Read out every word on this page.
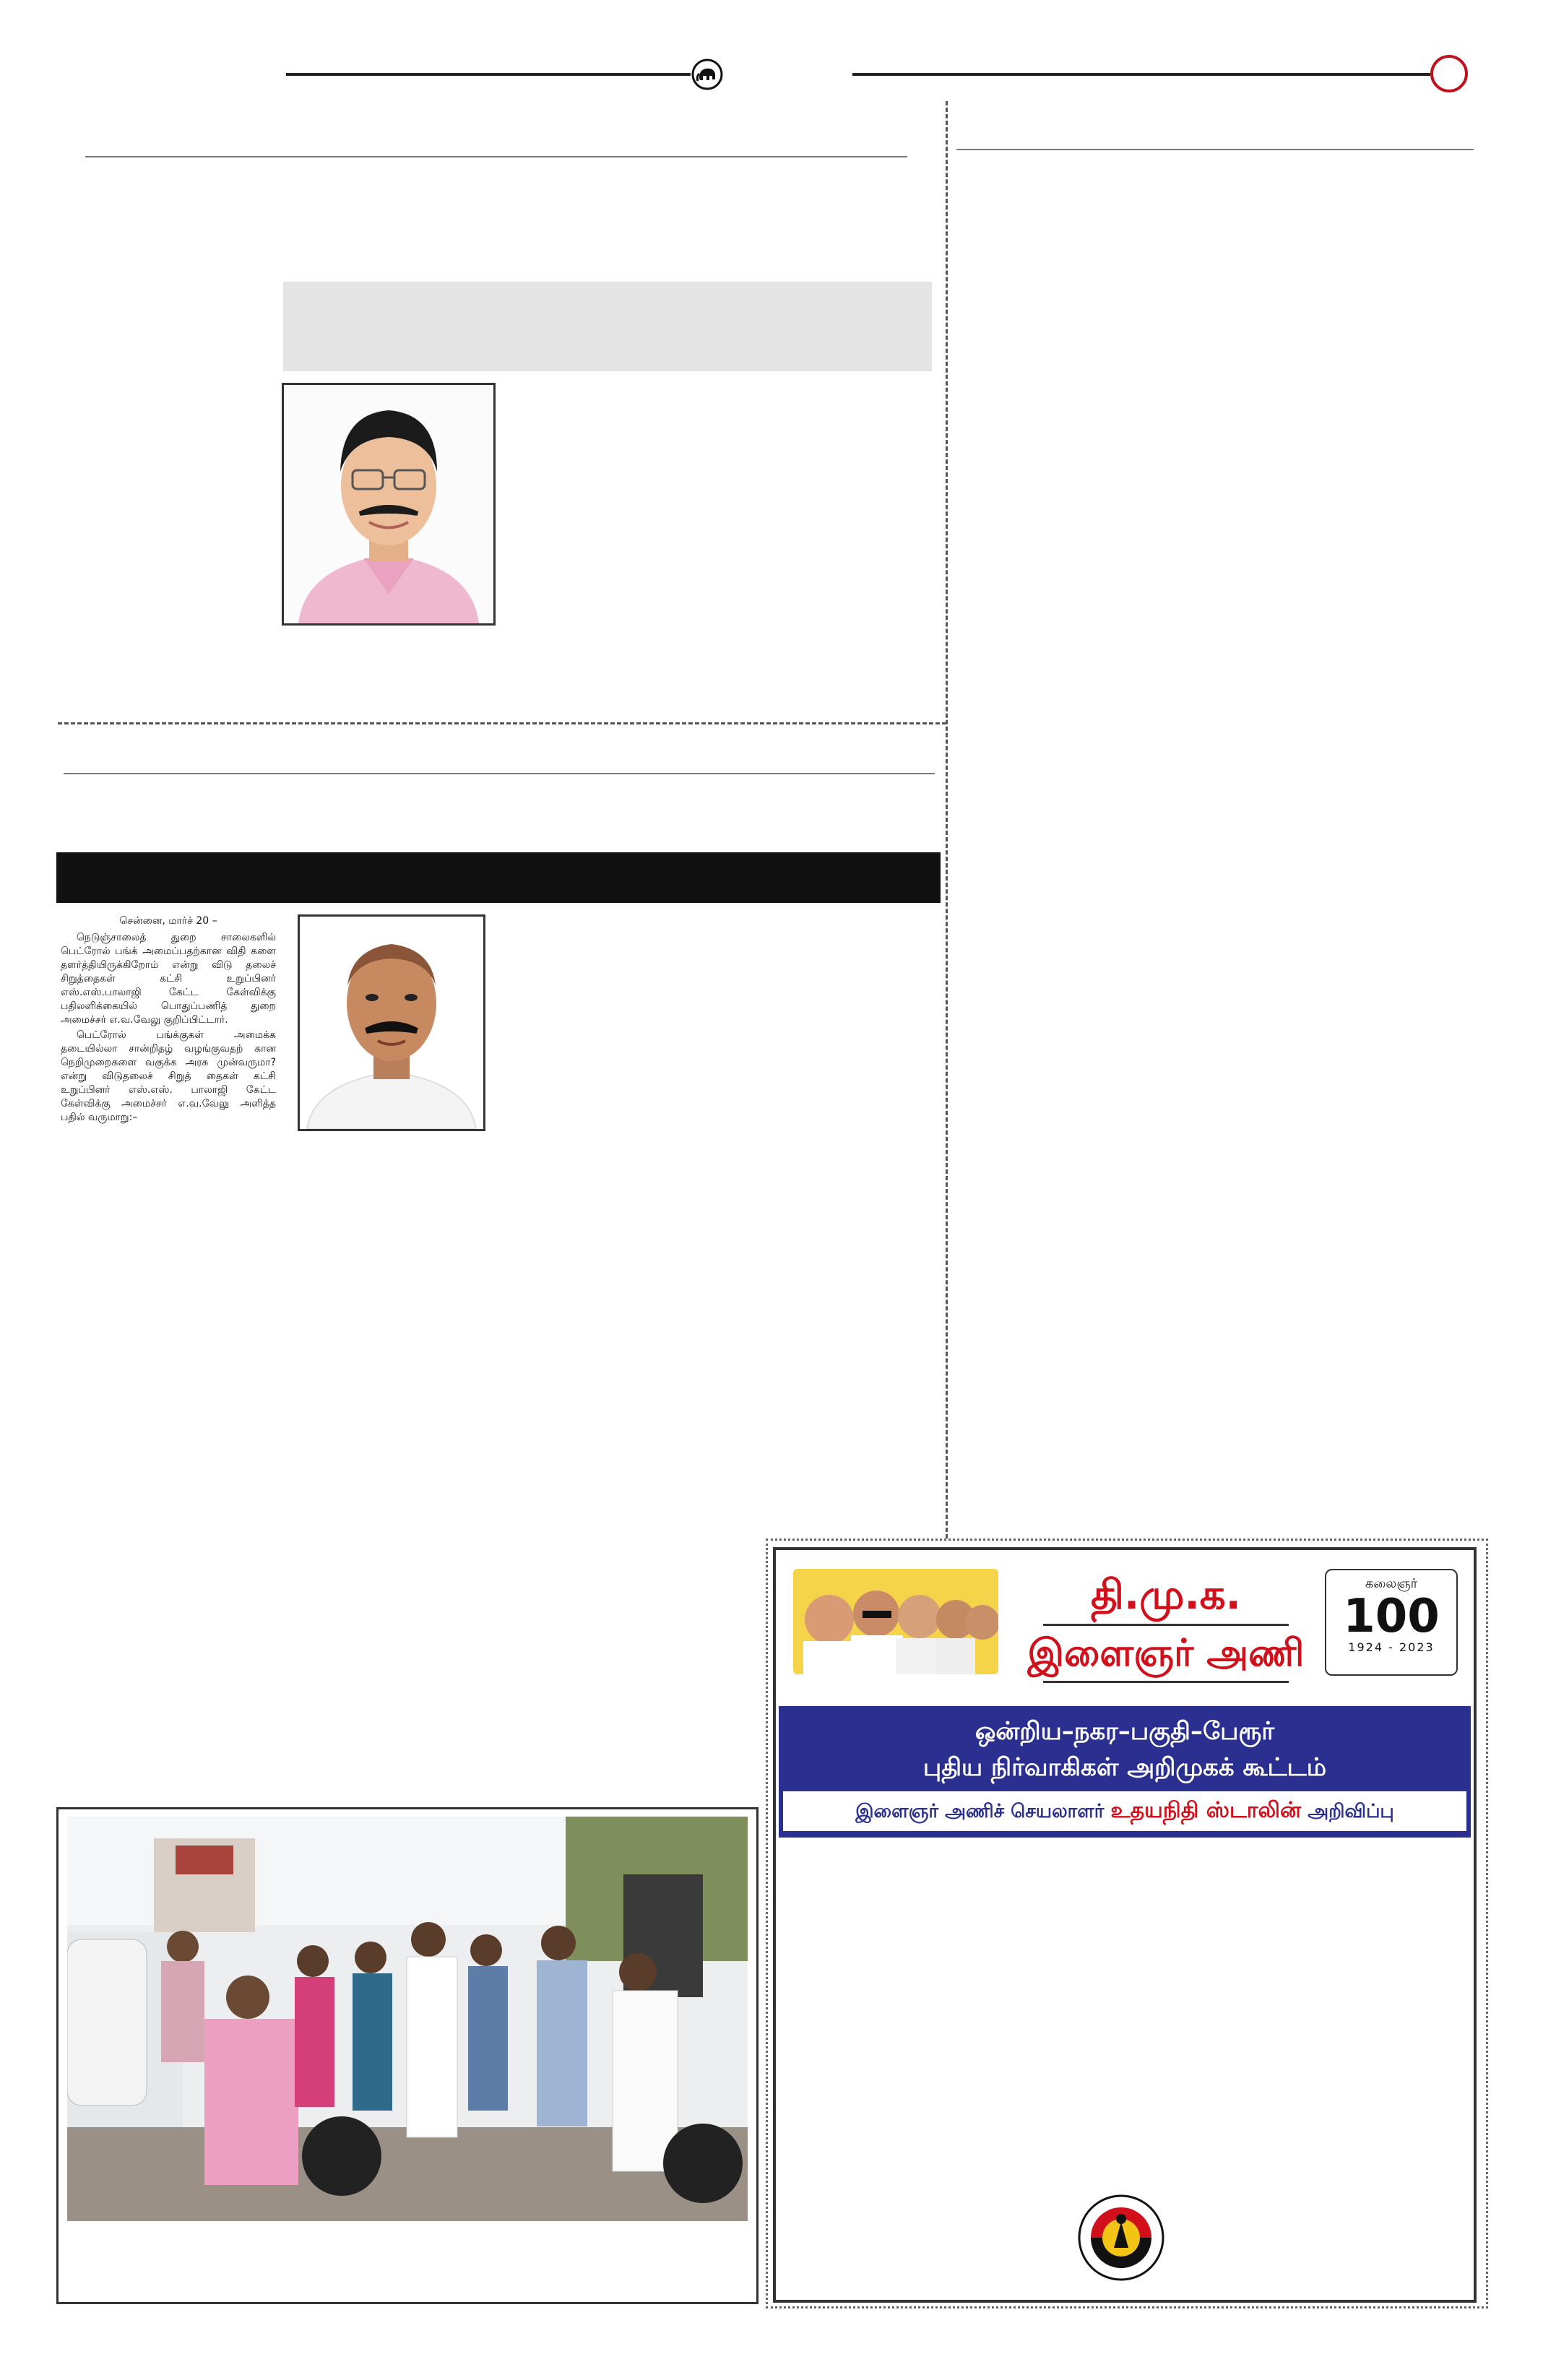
சென்னை, மார்ச் 20 –

நெடுஞ்சாலைத் துறை சாலைகளில் பெட்ரோல் பங்க் அமைப்பதற்கான விதி களை தளர்த்தியிருக்கிறோம் என்று விடு தலைச் சிறுத்தைகள் கட்சி உறுப்பினர் எஸ்.எஸ்.பாலாஜி கேட்ட கேள்விக்கு பதிலளிக்கையில் பொதுப்பணித் துறை அமைச்சர் எ.வ.வேலு குறிப்பிட்டார்.

பெட்ரோல் பங்க்குகள் அமைக்க தடையில்லா சான்றிதழ் வழங்குவதற் கான நெறிமுறைகளை வகுக்க அரசு முன்வருமா? என்று விடுதலைச் சிறுத் தைகள் கட்சி உறுப்பினர் எஸ்.எஸ். பாலாஜி கேட்ட கேள்விக்கு அமைச்சர் எ.வ.வேலு அளித்த பதில் வருமாறு:–

தி.மு.க.
இளைஞர் அணி
கலைஞர்
100
1924 - 2023
ஒன்றிய–நகர–பகுதி–பேரூர்
புதிய நிர்வாகிகள் அறிமுகக் கூட்டம்
இளைஞர் அணிச் செயலாளர் உதயநிதி ஸ்டாலின் அறிவிப்பு
